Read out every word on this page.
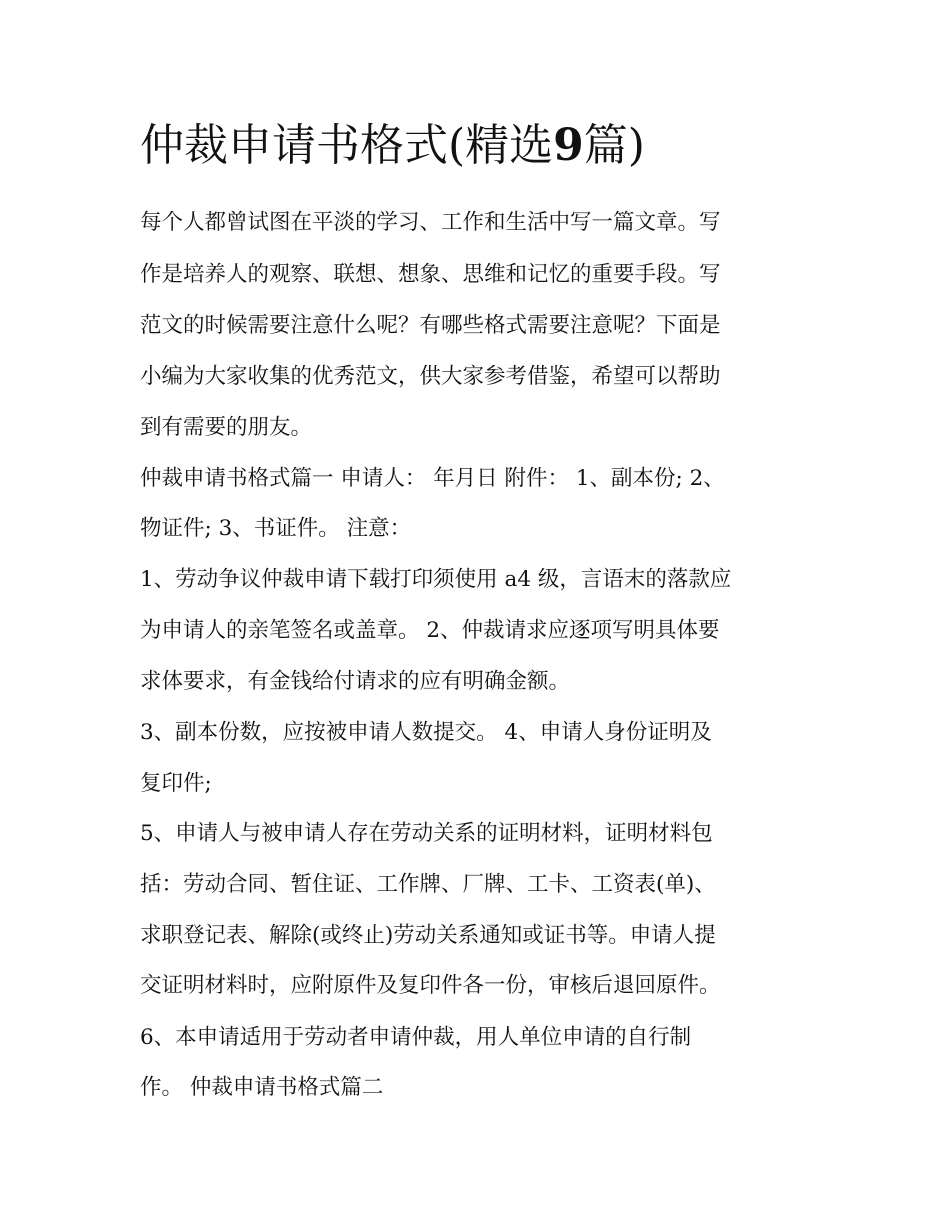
仲裁申请书格式(精选9篇)

每个人都曾试图在平淡的学习、工作和生活中写一篇文章。写

作是培养人的观察、联想、想象、思维和记忆的重要手段。写

范文的时候需要注意什么呢？有哪些格式需要注意呢？下面是

小编为大家收集的优秀范文，供大家参考借鉴，希望可以帮助

到有需要的朋友。

仲裁申请书格式篇一 申请人： 年月日 附件： 1、副本份; 2、

物证件; 3、书证件。 注意：

1、劳动争议仲裁申请下载打印须使用 a4 级，言语末的落款应

为申请人的亲笔签名或盖章。 2、仲裁请求应逐项写明具体要

求体要求，有金钱给付请求的应有明确金额。

3、副本份数，应按被申请人数提交。 4、申请人身份证明及

复印件;

5、申请人与被申请人存在劳动关系的证明材料，证明材料包

括：劳动合同、暂住证、工作牌、厂牌、工卡、工资表(单)、

求职登记表、解除(或终止)劳动关系通知或证书等。申请人提

交证明材料时，应附原件及复印件各一份，审核后退回原件。

6、本申请适用于劳动者申请仲裁，用人单位申请的自行制

作。 仲裁申请书格式篇二
